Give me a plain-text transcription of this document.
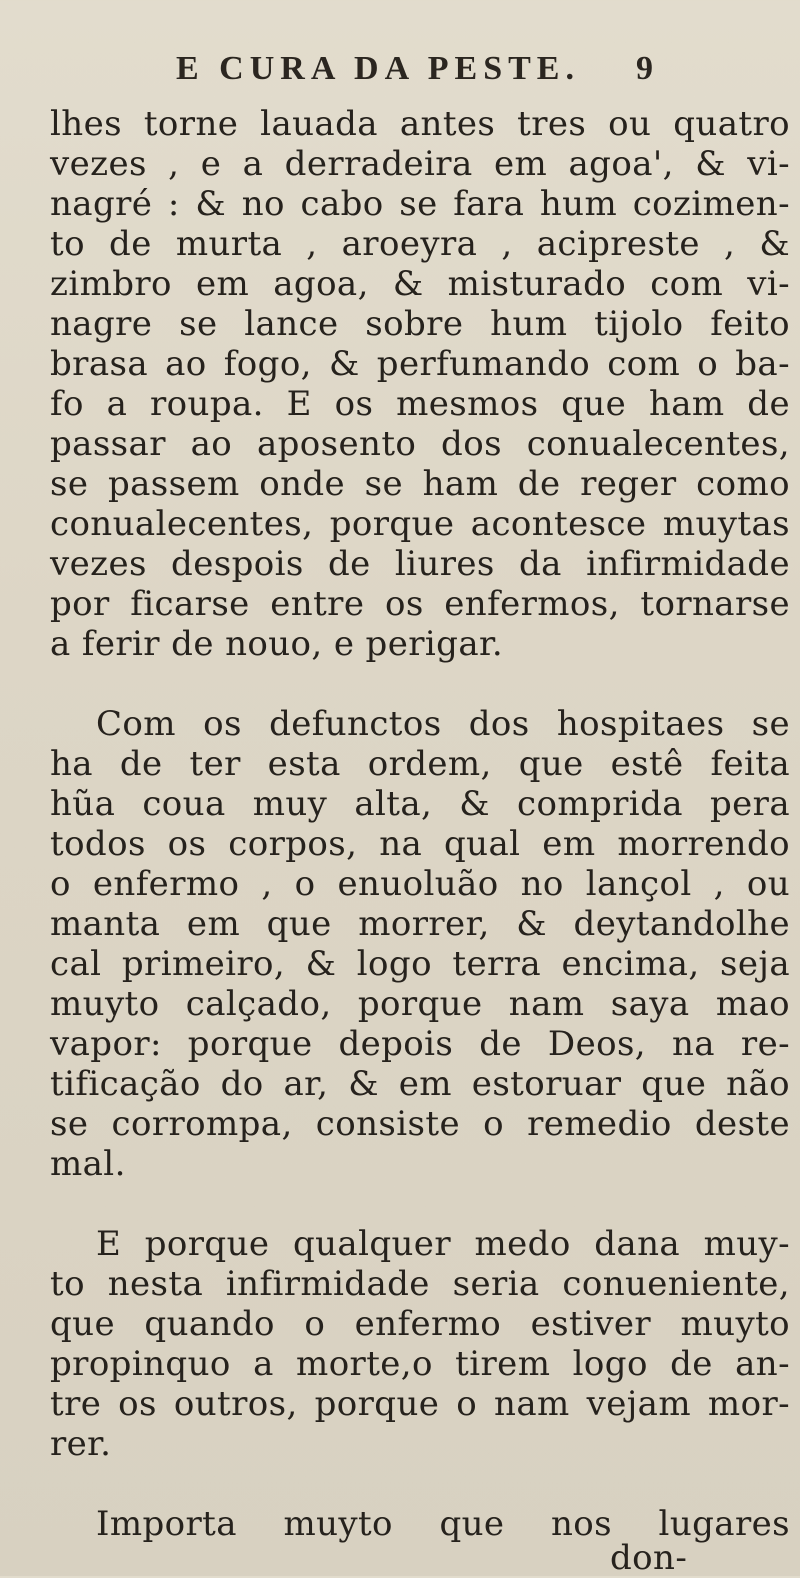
E CURA DA PESTE.	9
lhes torne lauada antes tres ou quatro
vezes , e a derradeira em agoa', & vi-
nagré : & no cabo se fara hum cozimen-
to de murta , aroeyra , acipreste , &
zimbro em agoa, & misturado com vi-
nagre se lance sobre hum tijolo feito
brasa ao fogo, & perfumando com o ba-
fo a roupa. E os mesmos que ham de
passar ao aposento dos conualecentes,
se passem onde se ham de reger como
conualecentes, porque acontesce muytas
vezes despois de liures da infirmidade
por ficarse entre os enfermos, tornarse
a ferir de nouo, e perigar.
Com os defunctos dos hospitaes se
ha de ter esta ordem, que estê feita
hũa coua muy alta, & comprida pera
todos os corpos, na qual em morrendo
o enfermo , o enuoluão no lançol , ou
manta em que morrer, & deytandolhe
cal primeiro, & logo terra encima, seja
muyto calçado, porque nam saya mao
vapor: porque depois de Deos, na re-
tificação do ar, & em estoruar que não
se corrompa, consiste o remedio deste
mal.
E porque qualquer medo dana muy-
to nesta infirmidade seria conueniente,
que quando o enfermo estiver muyto
propinquo a morte,o tirem logo de an-
tre os outros, porque o nam vejam mor-
rer.
Importa muyto que nos lugares
don-
